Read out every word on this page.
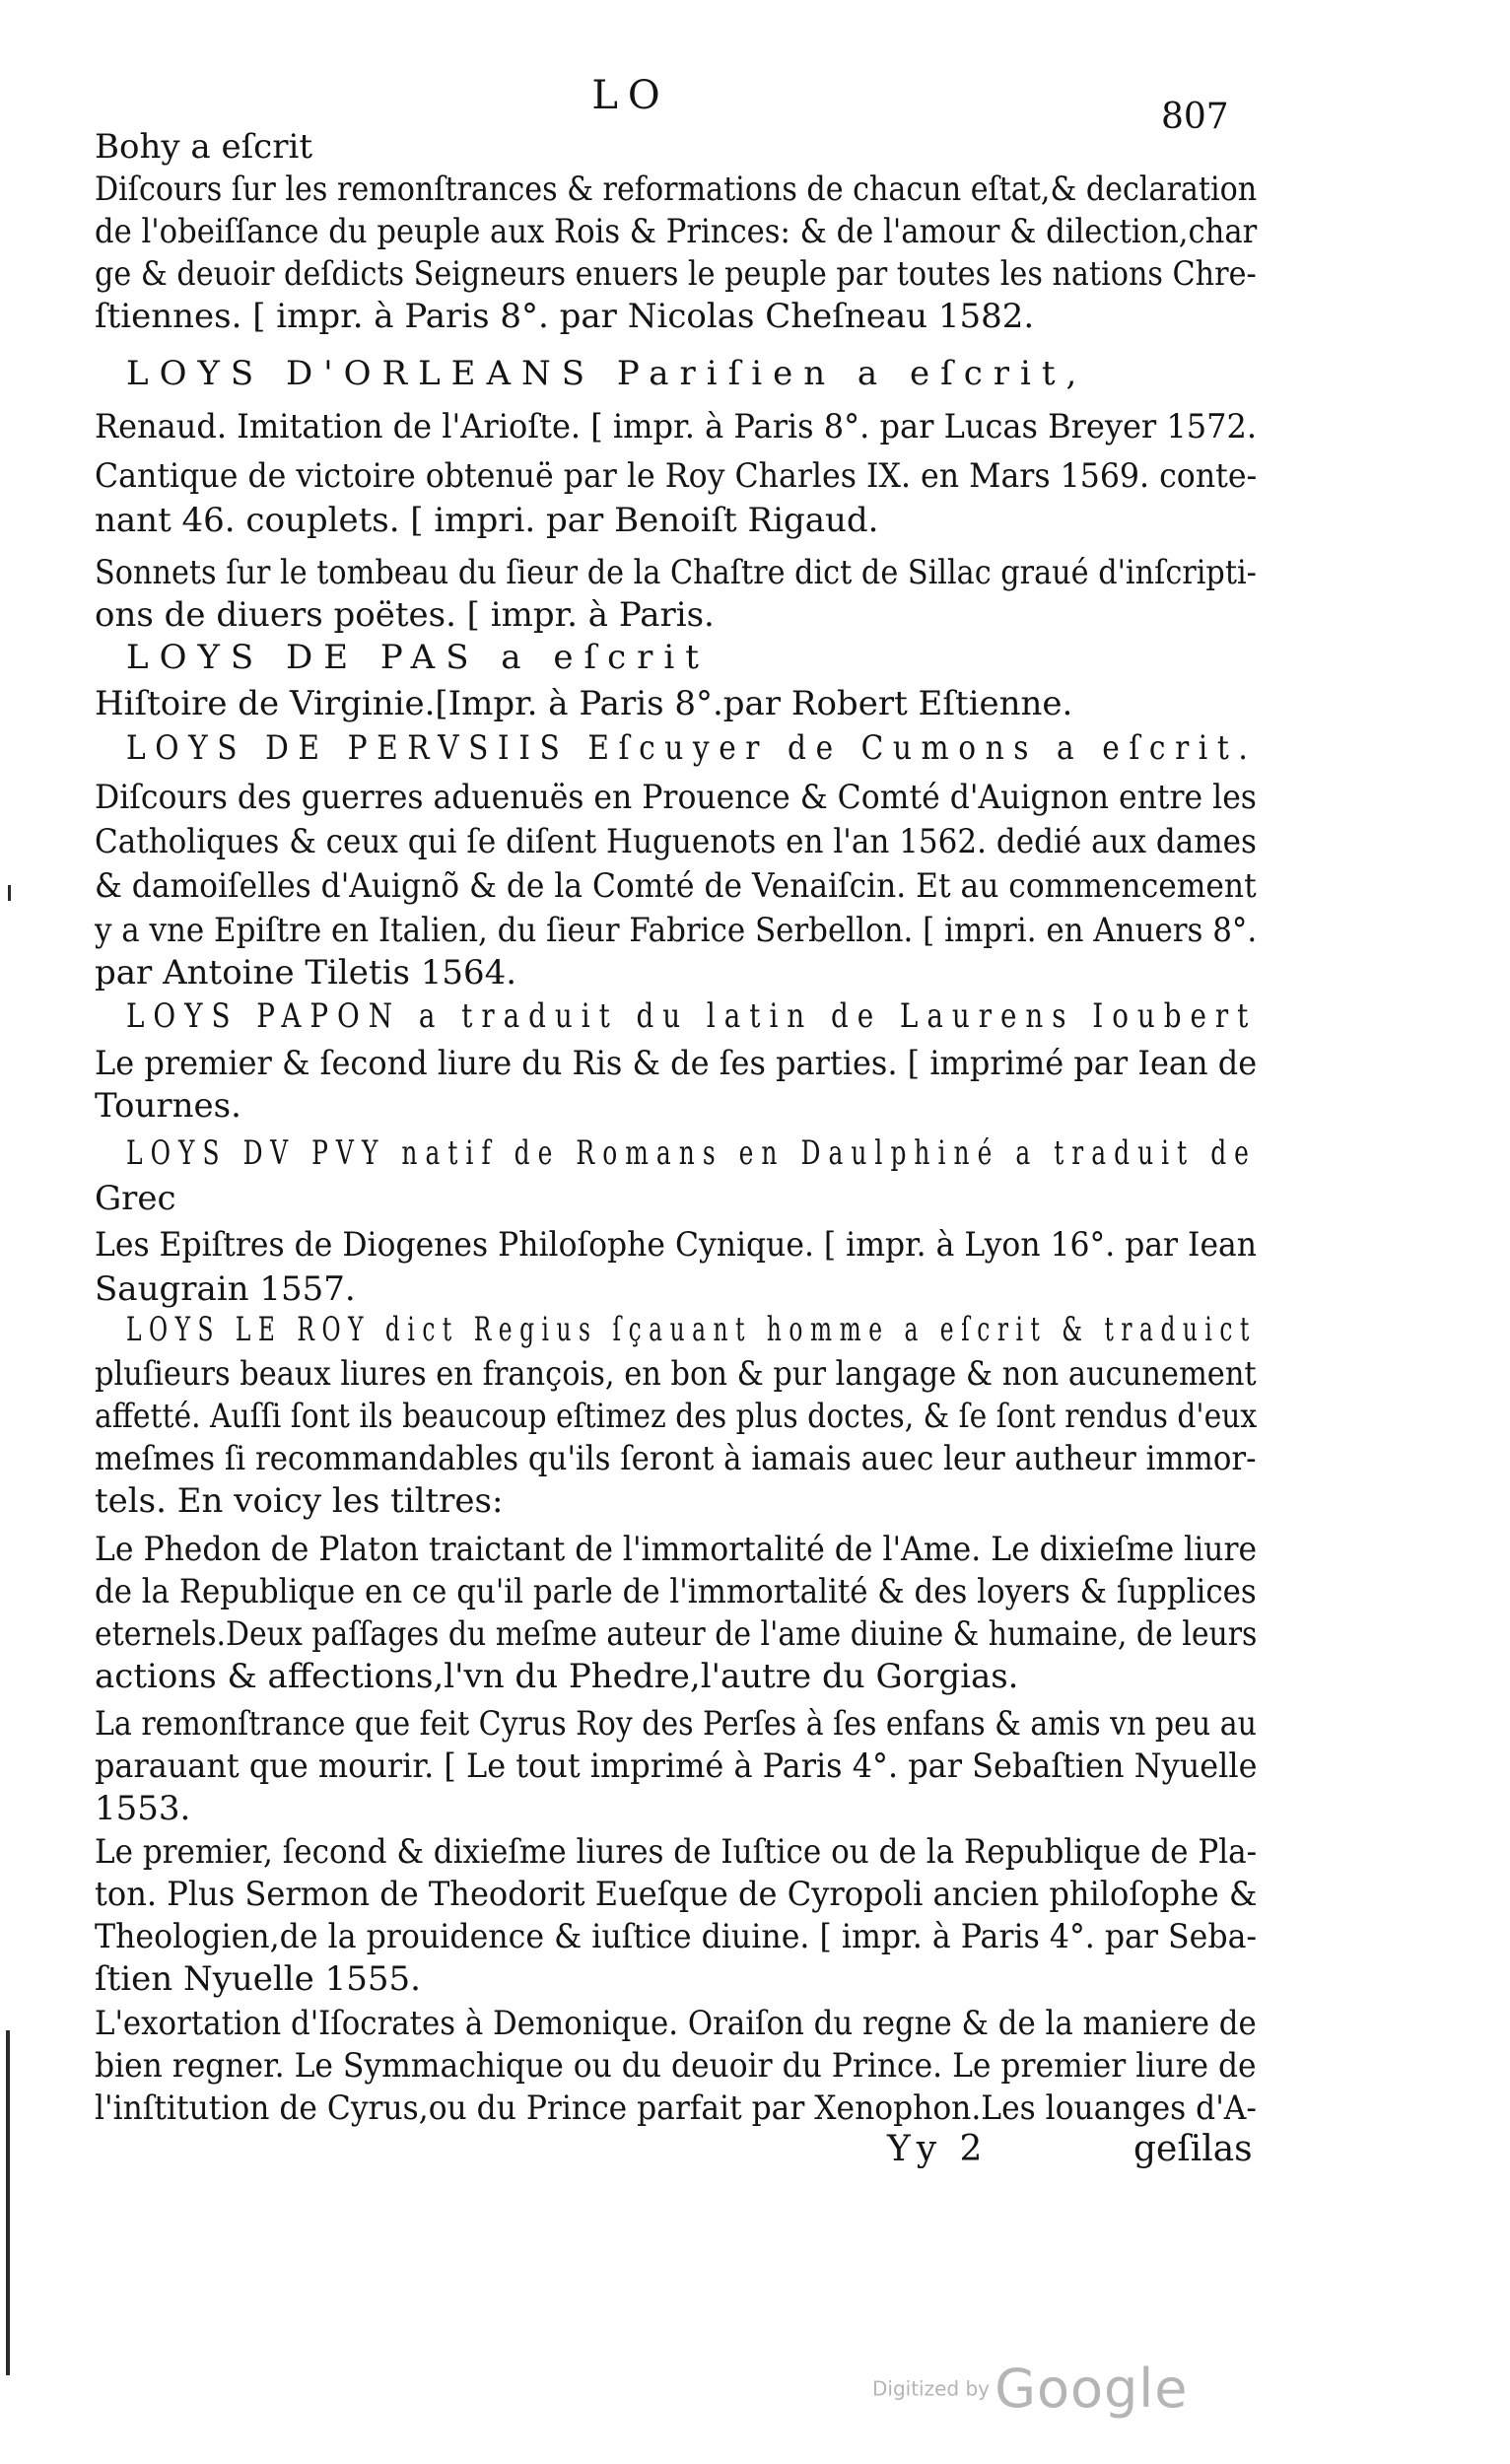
LO	807

Bohy a eſcrit

Diſcours ſur les remonſtrances & reformations de chacun eſtat,& declaration

de l'obeiſſance du peuple aux Rois & Princes: & de l'amour & dilection,char

ge & deuoir deſdicts Seigneurs enuers le peuple par toutes les nations Chre-

ſtiennes. [ impr. à Paris 8°. par Nicolas Cheſneau 1582.

LOYS D'ORLEANS Pariſien a eſcrit,

Renaud. Imitation de l'Arioſte. [ impr. à Paris 8°. par Lucas Breyer 1572.

Cantique de victoire obtenuë par le Roy Charles IX. en Mars 1569. conte-

nant 46. couplets. [ impri. par Benoiſt Rigaud.

Sonnets ſur le tombeau du ſieur de la Chaſtre dict de Sillac graué d'inſcripti-

ons de diuers poëtes. [ impr. à Paris.

LOYS DE PAS a eſcrit

Hiſtoire de Virginie.[Impr. à Paris 8°.par Robert Eſtienne.

LOYS DE PERVSIIS Eſcuyer de Cumons a eſcrit.

Diſcours des guerres aduenuës en Prouence & Comté d'Auignon entre les

Catholiques & ceux qui ſe diſent Huguenots en l'an 1562. dedié aux dames

& damoiſelles d'Auignõ & de la Comté de Venaiſcin. Et au commencement

y a vne Epiſtre en Italien, du ſieur Fabrice Serbellon. [ impri. en Anuers 8°.

par Antoine Tiletis 1564.

LOYS PAPON a traduit du latin de Laurens Ioubert

Le premier & ſecond liure du Ris & de ſes parties. [ imprimé par Iean de

Tournes.

LOYS DV PVY natif de Romans en Daulphiné a traduit de

Grec

Les Epiſtres de Diogenes Philoſophe Cynique. [ impr. à Lyon 16°. par Iean

Saugrain 1557.

LOYS LE ROY dict Regius ſçauant homme a eſcrit & traduict

pluſieurs beaux liures en françois, en bon & pur langage & non aucunement

affetté. Auſſi ſont ils beaucoup eſtimez des plus doctes, & ſe ſont rendus d'eux

meſmes ſi recommandables qu'ils ſeront à iamais auec leur autheur immor-

tels. En voicy les tiltres:

Le Phedon de Platon traictant de l'immortalité de l'Ame. Le dixieſme liure

de la Republique en ce qu'il parle de l'immortalité & des loyers & ſupplices

eternels.Deux paſſages du meſme auteur de l'ame diuine & humaine, de leurs

actions & affections,l'vn du Phedre,l'autre du Gorgias.

La remonſtrance que feit Cyrus Roy des Perſes à ſes enfans & amis vn peu au

parauant que mourir. [ Le tout imprimé à Paris 4°. par Sebaſtien Nyuelle

1553.

Le premier, ſecond & dixieſme liures de Iuſtice ou de la Republique de Pla-

ton. Plus Sermon de Theodorit Eueſque de Cyropoli ancien philoſophe &

Theologien,de la prouidence & iuſtice diuine. [ impr. à Paris 4°. par Seba-

ſtien Nyuelle 1555.

L'exortation d'Iſocrates à Demonique. Oraiſon du regne & de la maniere de

bien regner. Le Symmachique ou du deuoir du Prince. Le premier liure de

l'inſtitution de Cyrus,ou du Prince parfait par Xenophon.Les louanges d'A-

Yy 2	geſilas
Digitized by Google
